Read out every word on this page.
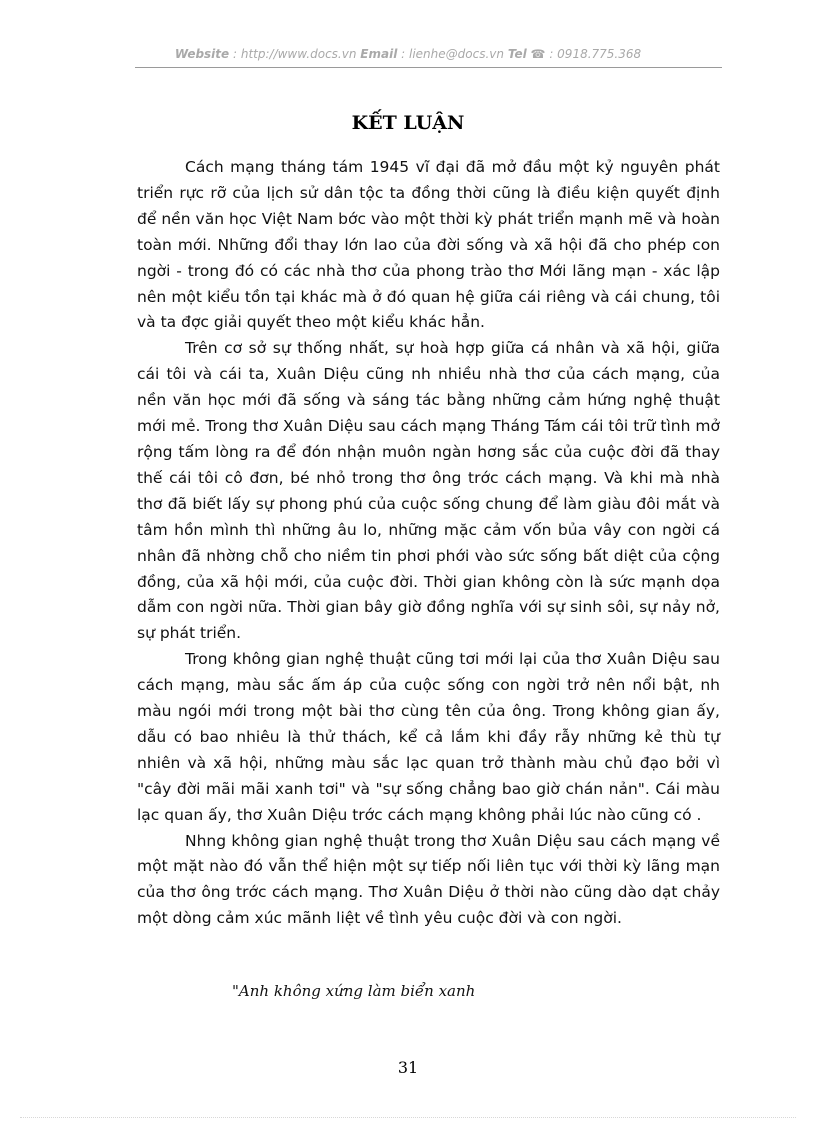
Website : http://www.docs.vn Email : lienhe@docs.vn Tel ☎ : 0918.775.368
KẾT LUẬN

Cách mạng tháng tám 1945 vĩ đại đã mở đầu một kỷ nguyên phát triển rực rỡ của lịch sử dân tộc ta đồng thời cũng là điều kiện quyết định để nền văn học Việt Nam bớc vào một thời kỳ phát triển mạnh mẽ và hoàn toàn mới. Những đổi thay lớn lao của đời sống và xã hội đã cho phép con ngời - trong đó có các nhà thơ của phong trào thơ Mới lãng mạn - xác lập nên một kiểu tồn tại khác mà ở đó quan hệ giữa cái riêng và cái chung, tôi và ta đợc giải quyết theo một kiểu khác hẳn.

Trên cơ sở sự thống nhất, sự hoà hợp giữa cá nhân và xã hội, giữa cái tôi và cái ta, Xuân Diệu cũng nh nhiều nhà thơ của cách mạng, của nền văn học mới đã sống và sáng tác bằng những cảm hứng nghệ thuật mới mẻ. Trong thơ Xuân Diệu sau cách mạng Tháng Tám cái tôi trữ tình mở rộng tấm lòng ra để đón nhận muôn ngàn hơng sắc của cuộc đời đã thay thế cái tôi cô đơn, bé nhỏ trong thơ ông trớc cách mạng. Và khi mà nhà thơ đã biết lấy sự phong phú của cuộc sống chung để làm giàu đôi mắt và tâm hồn mình thì những âu lo, những mặc cảm vốn bủa vây con ngời cá nhân đã nhờng chỗ cho niềm tin phơi phới vào sức sống bất diệt của cộng đồng, của xã hội mới, của cuộc đời. Thời gian không còn là sức mạnh dọa dẫm con ngời nữa. Thời gian bây giờ đồng nghĩa với sự sinh sôi, sự nảy nở, sự phát triển.

Trong không gian nghệ thuật cũng tơi mới lại của thơ Xuân Diệu sau cách mạng, màu sắc ấm áp của cuộc sống con ngời trở nên nổi bật, nh màu ngói mới trong một bài thơ cùng tên của ông. Trong không gian ấy, dẫu có bao nhiêu là thử thách, kể cả lắm khi đầy rẫy những kẻ thù tự nhiên và xã hội, những màu sắc lạc quan trở thành màu chủ đạo bởi vì "cây đời mãi mãi xanh tơi" và "sự sống chẳng bao giờ chán nản". Cái màu lạc quan ấy, thơ Xuân Diệu trớc cách mạng không phải lúc nào cũng có .

Nhng không gian nghệ thuật trong thơ Xuân Diệu sau cách mạng về một mặt nào đó vẫn thể hiện một sự tiếp nối liên tục với thời kỳ lãng mạn của thơ ông trớc cách mạng. Thơ Xuân Diệu ở thời nào cũng dào dạt chảy một dòng cảm xúc mãnh liệt về tình yêu cuộc đời và con ngời.

"Anh không xứng làm biển xanh
31
